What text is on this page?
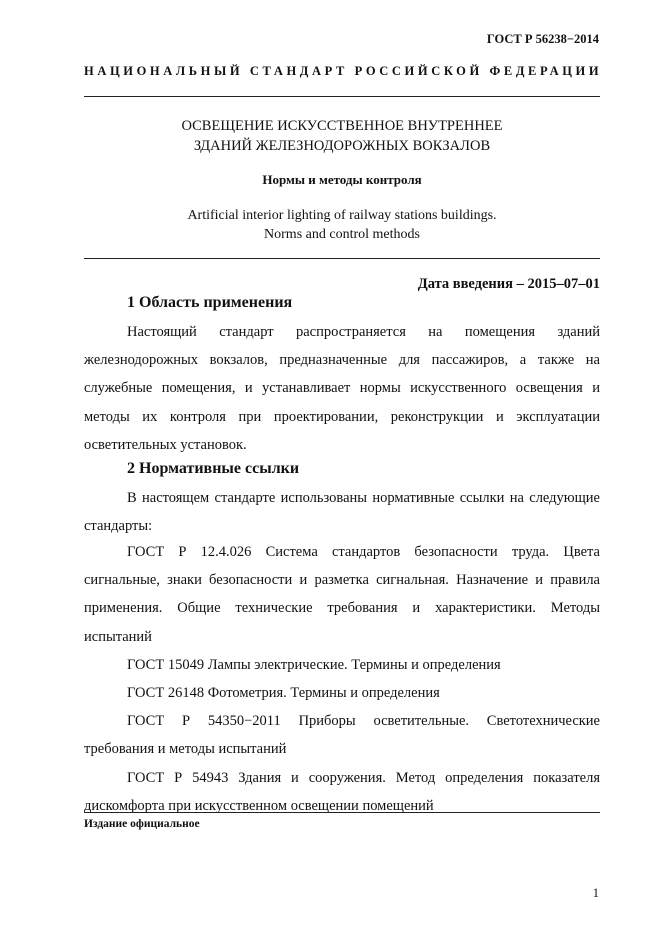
ГОСТ Р 56238−2014
НАЦИОНАЛЬНЫЙ СТАНДАРТ РОССИЙСКОЙ ФЕДЕРАЦИИ
ОСВЕЩЕНИЕ ИСКУССТВЕННОЕ ВНУТРЕННЕЕ
ЗДАНИЙ ЖЕЛЕЗНОДОРОЖНЫХ ВОКЗАЛОВ
Нормы и методы контроля
Artificial interior lighting of railway stations buildings.
Norms and control methods
Дата введения – 2015–07–01
1 Область применения

Настоящий стандарт распространяется на помещения зданий железнодорожных вокзалов, предназначенные для пассажиров, а также на служебные помещения, и устанавливает нормы искусственного освещения и методы их контроля при проектировании, реконструкции и эксплуатации осветительных установок.

2 Нормативные ссылки

В настоящем стандарте использованы нормативные ссылки на следующие стандарты:

ГОСТ Р 12.4.026 Система стандартов безопасности труда. Цвета сигнальные, знаки безопасности и разметка сигнальная. Назначение и правила применения. Общие технические требования и характеристики. Методы испытаний

ГОСТ 15049 Лампы электрические. Термины и определения

ГОСТ 26148 Фотометрия. Термины и определения

ГОСТ Р 54350−2011 Приборы осветительные. Светотехнические требования и методы испытаний

ГОСТ Р 54943 Здания и сооружения. Метод определения показателя дискомфорта при искусственном освещении помещений

Издание официальное
1
